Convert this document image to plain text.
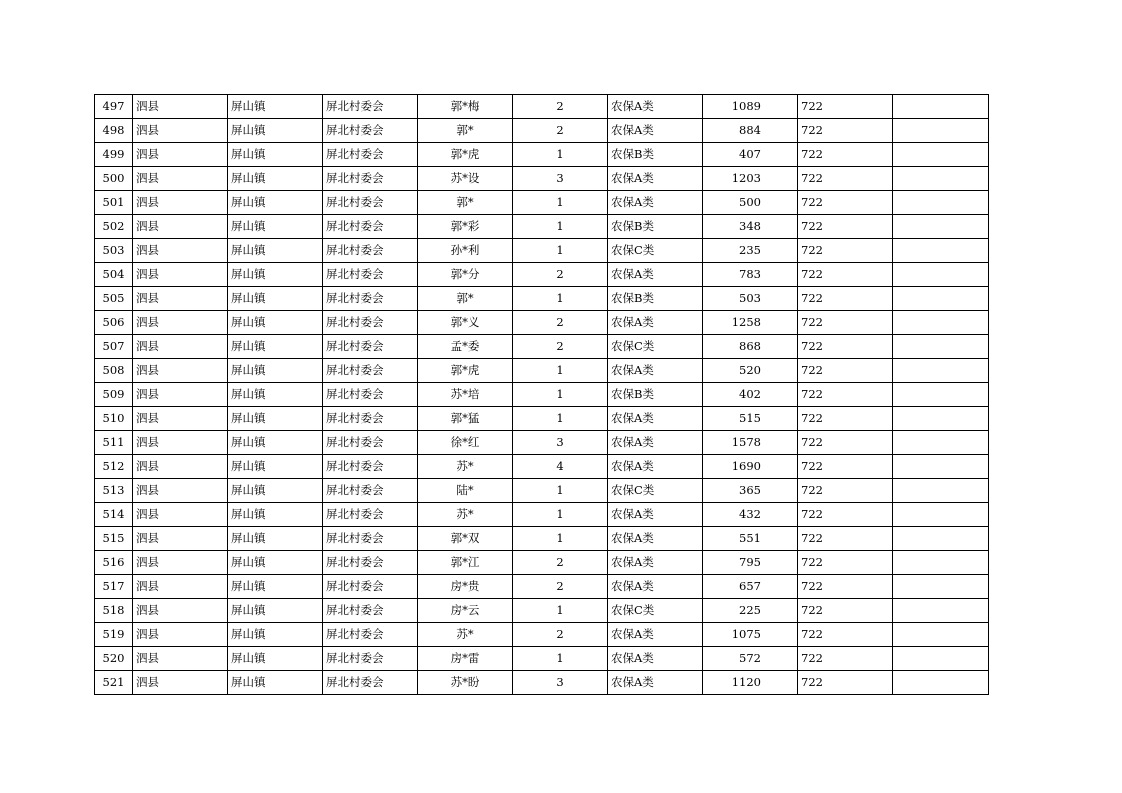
497	泗县	屏山镇	屏北村委会	郭*梅	2	农保A类	1089	722	
498	泗县	屏山镇	屏北村委会	郭*	2	农保A类	884	722	
499	泗县	屏山镇	屏北村委会	郭*虎	1	农保B类	407	722	
500	泗县	屏山镇	屏北村委会	苏*设	3	农保A类	1203	722	
501	泗县	屏山镇	屏北村委会	郭*	1	农保A类	500	722	
502	泗县	屏山镇	屏北村委会	郭*彩	1	农保B类	348	722	
503	泗县	屏山镇	屏北村委会	孙*利	1	农保C类	235	722	
504	泗县	屏山镇	屏北村委会	郭*分	2	农保A类	783	722	
505	泗县	屏山镇	屏北村委会	郭*	1	农保B类	503	722	
506	泗县	屏山镇	屏北村委会	郭*义	2	农保A类	1258	722	
507	泗县	屏山镇	屏北村委会	孟*委	2	农保C类	868	722	
508	泗县	屏山镇	屏北村委会	郭*虎	1	农保A类	520	722	
509	泗县	屏山镇	屏北村委会	苏*培	1	农保B类	402	722	
510	泗县	屏山镇	屏北村委会	郭*猛	1	农保A类	515	722	
511	泗县	屏山镇	屏北村委会	徐*红	3	农保A类	1578	722	
512	泗县	屏山镇	屏北村委会	苏*	4	农保A类	1690	722	
513	泗县	屏山镇	屏北村委会	陆*	1	农保C类	365	722	
514	泗县	屏山镇	屏北村委会	苏*	1	农保A类	432	722	
515	泗县	屏山镇	屏北村委会	郭*双	1	农保A类	551	722	
516	泗县	屏山镇	屏北村委会	郭*江	2	农保A类	795	722	
517	泗县	屏山镇	屏北村委会	房*贵	2	农保A类	657	722	
518	泗县	屏山镇	屏北村委会	房*云	1	农保C类	225	722	
519	泗县	屏山镇	屏北村委会	苏*	2	农保A类	1075	722	
520	泗县	屏山镇	屏北村委会	房*雷	1	农保A类	572	722	
521	泗县	屏山镇	屏北村委会	苏*盼	3	农保A类	1120	722	
